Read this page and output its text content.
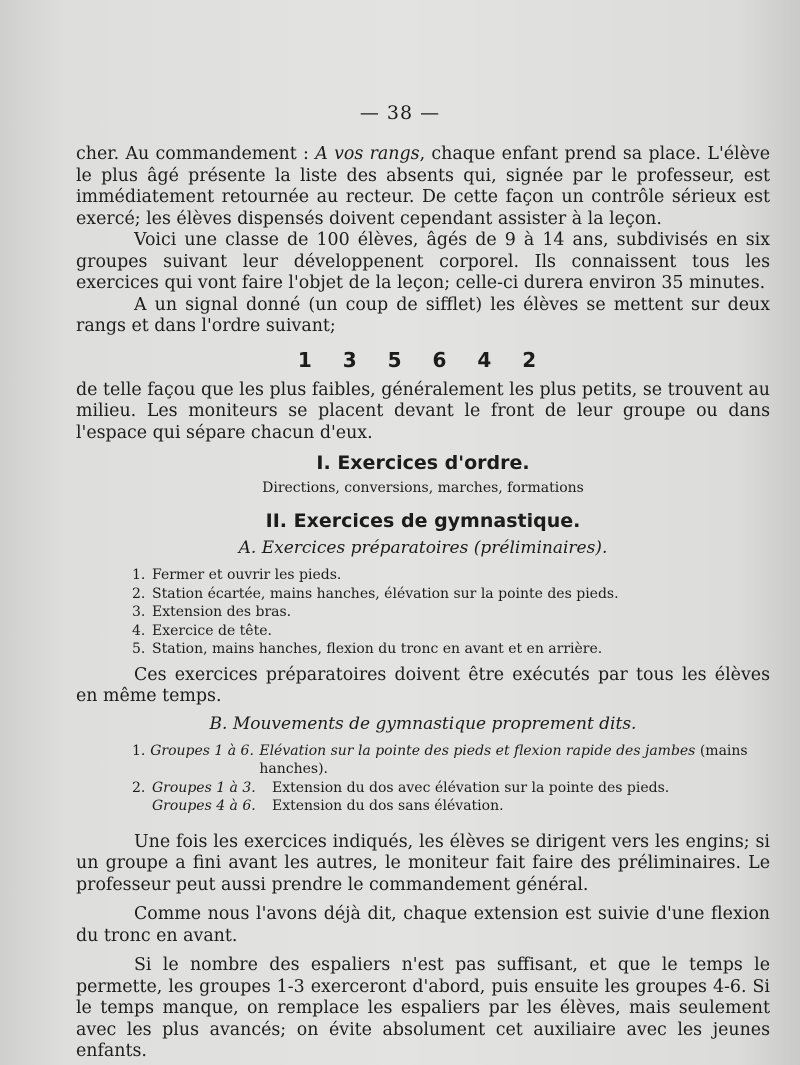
— 38 —

cher. Au commandement : A vos rangs, chaque enfant prend sa place. L'élève le plus âgé présente la liste des absents qui, signée par le professeur, est immédiatement retournée au recteur. De cette façon un contrôle sérieux est exercé; les élèves dispensés doivent cependant assister à la leçon.

Voici une classe de 100 élèves, âgés de 9 à 14 ans, subdivisés en six groupes suivant leur développenent corporel. Ils connaissent tous les exercices qui vont faire l'objet de la leçon; celle-ci durera environ 35 minutes.

A un signal donné (un coup de sifflet) les élèves se mettent sur deux rangs et dans l'ordre suivant;

1 3 5 6 4 2

de telle façou que les plus faibles, généralement les plus petits, se trouvent au milieu. Les moniteurs se placent devant le front de leur groupe ou dans l'espace qui sépare chacun d'eux.

I. Exercices d'ordre.
Directions, conversions, marches, formations
II. Exercices de gymnastique.
A. Exercices préparatoires (préliminaires).
1. Fermer et ouvrir les pieds.
2. Station écartée, mains hanches, élévation sur la pointe des pieds.
3. Extension des bras.
4. Exercice de tête.
5. Station, mains hanches, flexion du tronc en avant et en arrière.

Ces exercices préparatoires doivent être exécutés par tous les élèves en même temps.

B. Mouvements de gymnastique proprement dits.
1. Groupes 1 à 6. Elévation sur la pointe des pieds et flexion rapide des jambes (mains hanches).
2. Groupes 1 à 3.	Extension du dos avec élévation sur la pointe des pieds.
Groupes 4 à 6.	Extension du dos sans élévation.

Une fois les exercices indiqués, les élèves se dirigent vers les engins; si un groupe a fini avant les autres, le moniteur fait faire des préliminaires. Le professeur peut aussi prendre le commandement général.

Comme nous l'avons déjà dit, chaque extension est suivie d'une flexion du tronc en avant.

Si le nombre des espaliers n'est pas suffisant, et que le temps le permette, les groupes 1-3 exerceront d'abord, puis ensuite les groupes 4-6. Si le temps manque, on remplace les espaliers par les élèves, mais seulement avec les plus avancés; on évite absolument cet auxiliaire avec les jeunes enfants.
